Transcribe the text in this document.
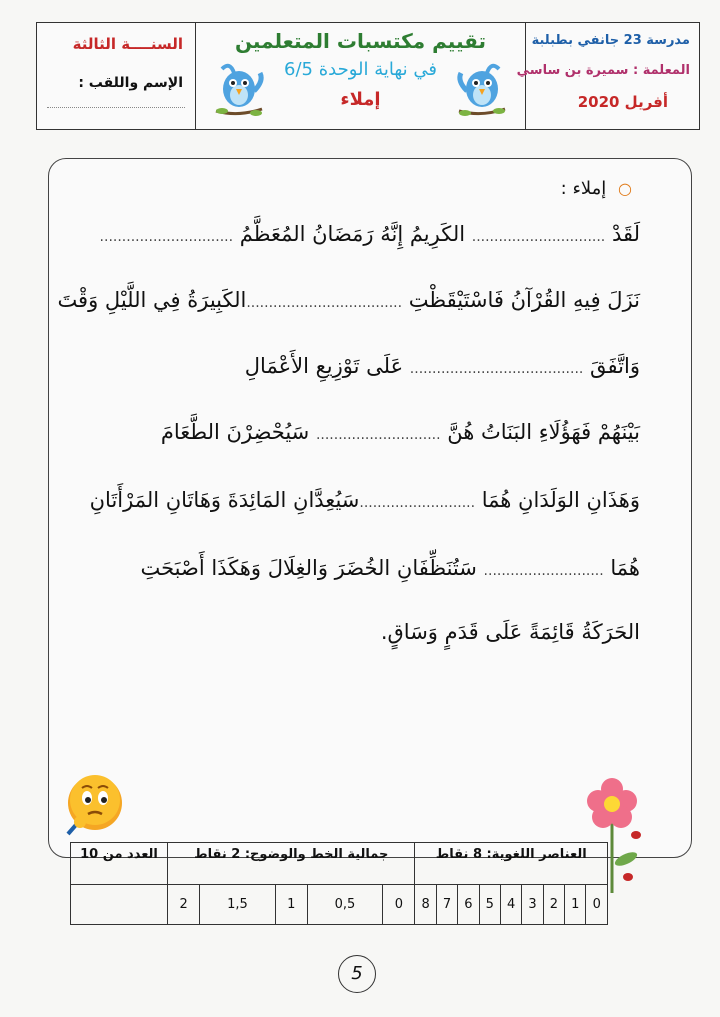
السنــــة الثالثة
الإسم واللقب :
تقييم مكتسبات المتعلمين
في نهاية الوحدة 6/5
إملاء
مدرسة 23 جانفي بطبلبة
المعلمة : سميرة بن ساسي
أفريل 2020
○ إملاء :
لَقَدْ .............................. الكَرِيمُ إِنَّهُ رَمَضَانُ المُعَظَّمُ ..............................
نَزَلَ فِيهِ القُرْآنُ فَاسْتَيْقَظْتِ ...................................الكَبِيرَةُ فِي اللَّيْلِ وَقْتَ
وَاتَّفَقَ ....................................... عَلَى تَوْزِيعِ الأَعْمَالِ
بَيْنَهُمْ فَهَؤُلَاءِ البَنَاتُ هُنَّ ............................ سَيُحْضِرْنَ الطَّعَامَ
وَهَذَانِ الوَلَدَانِ هُمَا ..........................سَيُعِدَّانِ المَائِدَةَ وَهَاتَانِ المَرْأَتَانِ
هُمَا ........................... سَتُنَظِّفَانِ الخُضَرَ وَالغِلَالَ وَهَكَذَا أَصْبَحَتِ
الحَرَكَةُ قَائِمَةً عَلَى قَدَمٍ وَسَاقٍ.
العدد من 10	جمالية الخط والوضوح: 2 نقاط					العناصر اللغوية: 8 نقاط								
	2	1,5	1	0,5	0	8	7	6	5	4	3	2	1	0
5
